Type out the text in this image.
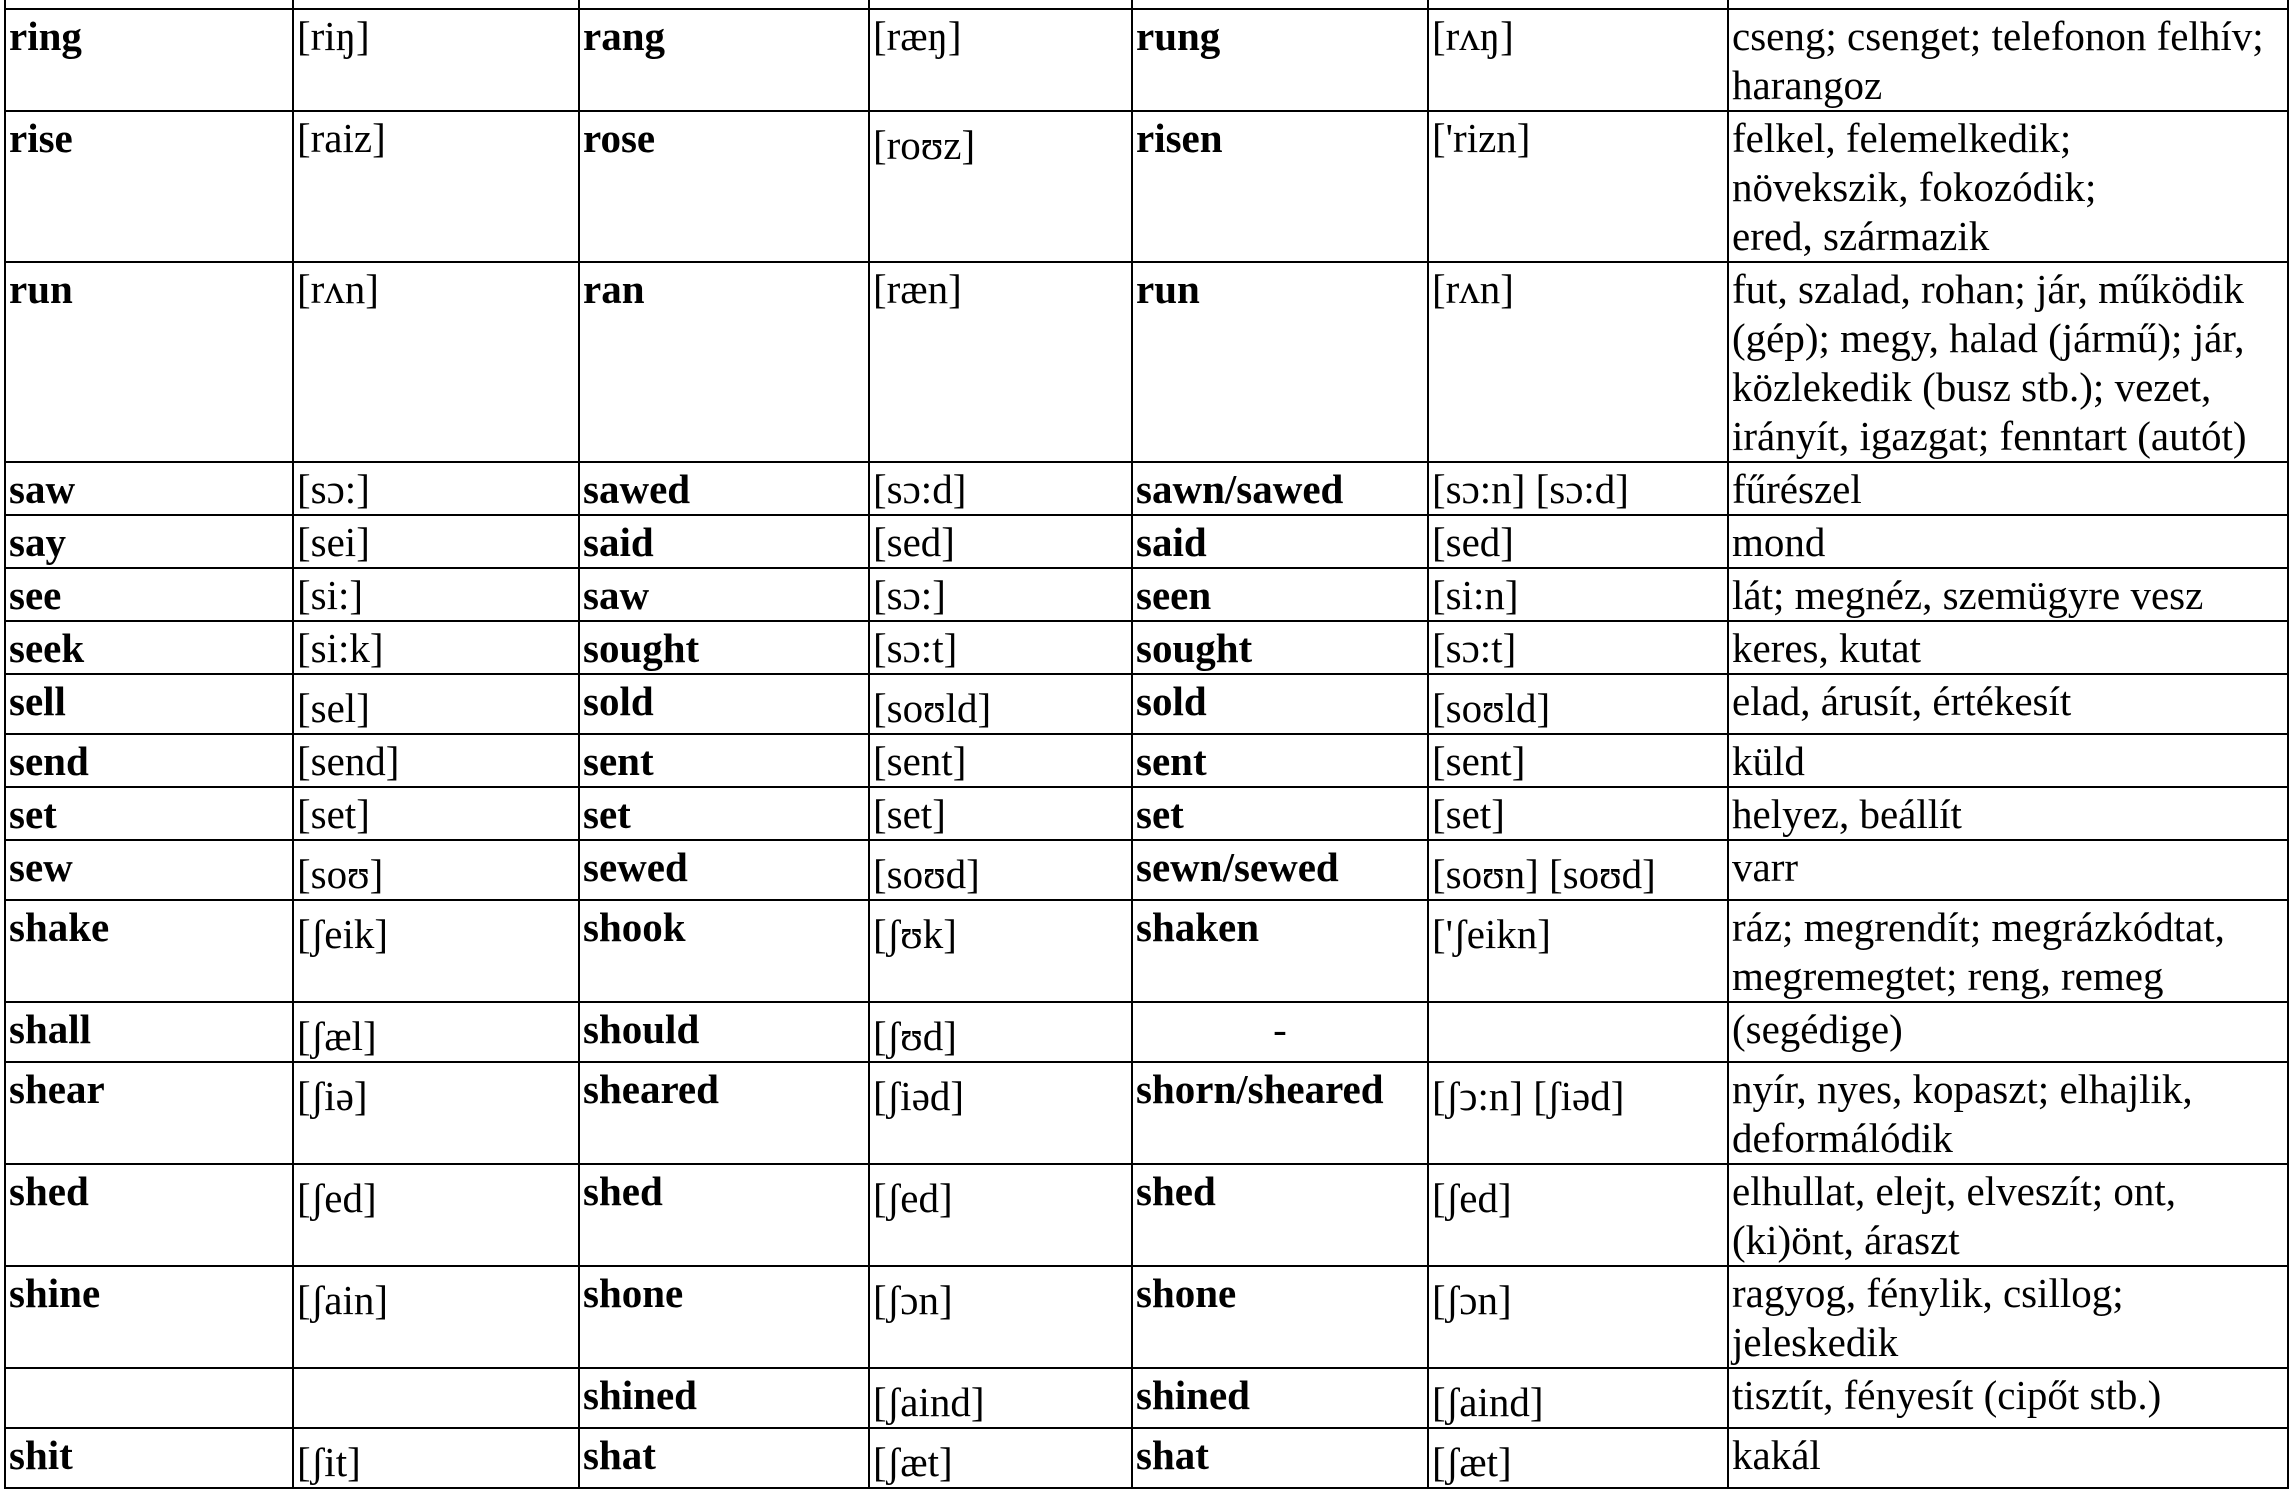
ring	[riŋ]	rang	[ræŋ]	rung	[rʌŋ]	cseng; csenget; telefonon felhív; harangoz
rise	[raiz]	rose	[roʊz]	risen	['rizn]	felkel, felemelkedik;
növekszik, fokozódik;
ered, származik
run	[rʌn]	ran	[ræn]	run	[rʌn]	fut, szalad, rohan; jár, működik (gép); megy, halad (jármű); jár, közlekedik (busz stb.); vezet, irányít, igazgat; fenntart (autót)
saw	[sɔ:]	sawed	[sɔ:d]	sawn/sawed	[sɔ:n] [sɔ:d]	fűrészel
say	[sei]	said	[sed]	said	[sed]	mond
see	[si:]	saw	[sɔ:]	seen	[si:n]	lát; megnéz, szemügyre vesz
seek	[si:k]	sought	[sɔ:t]	sought	[sɔ:t]	keres, kutat
sell	[sel]	sold	[soʊld]	sold	[soʊld]	elad, árusít, értékesít
send	[send]	sent	[sent]	sent	[sent]	küld
set	[set]	set	[set]	set	[set]	helyez, beállít
sew	[soʊ]	sewed	[soʊd]	sewn/sewed	[soʊn] [soʊd]	varr
shake	[ʃeik]	shook	[ʃʊk]	shaken	['ʃeikn]	ráz; megrendít; megrázkódtat, megremegtet; reng, remeg
shall	[ʃæl]	should	[ʃʊd]	-		(segédige)
shear	[ʃiə]	sheared	[ʃiəd]	shorn/sheared	[ʃↄ:n] [ʃiəd]	nyír, nyes, kopaszt; elhajlik, deformálódik
shed	[ʃed]	shed	[ʃed]	shed	[ʃed]	elhullat, elejt, elveszít; ont, (ki)önt, áraszt
shine	[ʃain]	shone	[ʃɔn]	shone	[ʃɔn]	ragyog, fénylik, csillog; jeleskedik
		shined	[ʃaind]	shined	[ʃaind]	tisztít, fényesít (cipőt stb.)
shit	[ʃit]	shat	[ʃæt]	shat	[ʃæt]	kakál
